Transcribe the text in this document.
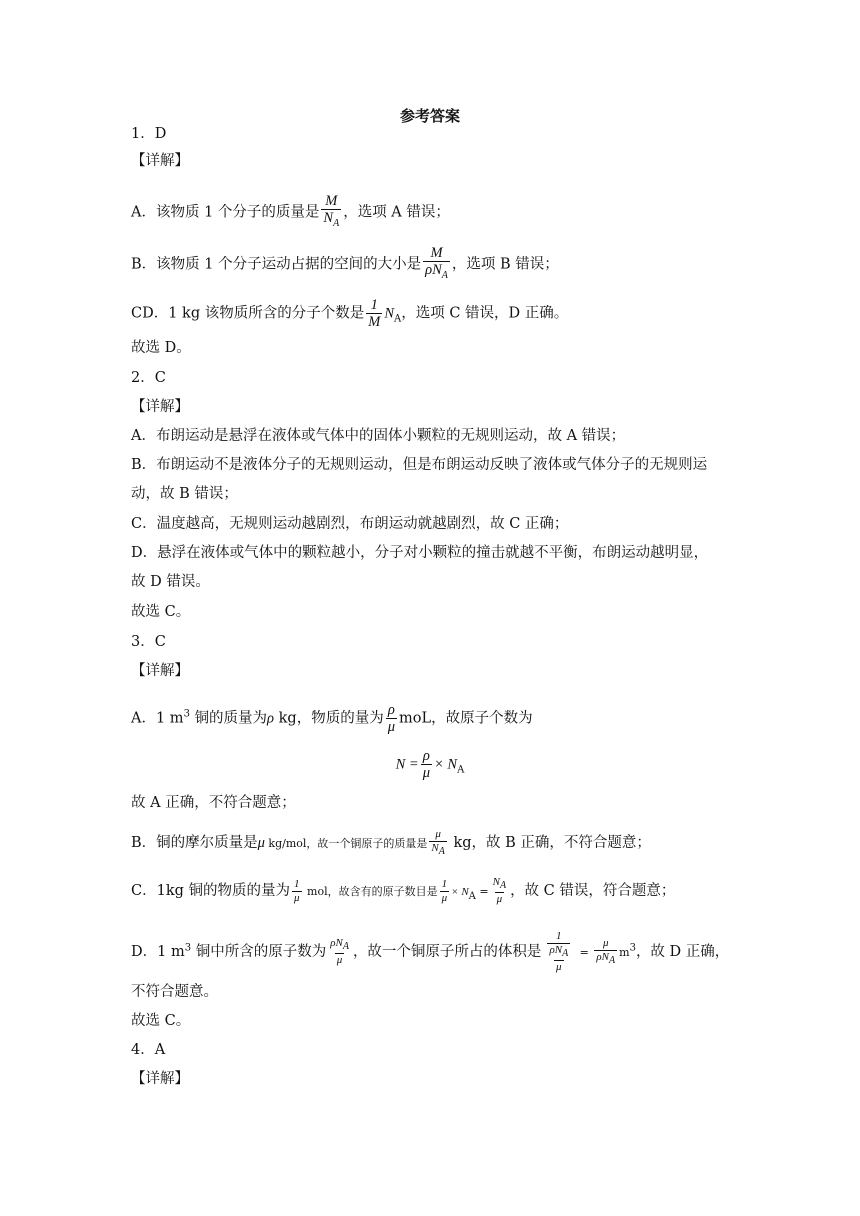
参考答案
1．D
【详解】
A．该物质 1 个分子的质量是 $\frac{M}{N_A}$ ，选项 A 错误；
B．该物质 1 个分子运动占据的空间的大小是 $\frac{M}{\rho N_A}$ ，选项 B 错误；
CD．1 kg 该物质所含的分子个数是 $\frac{1}{M} N_A$，选项 C 错误，D 正确。
故选 D。
2．C
【详解】
A．布朗运动是悬浮在液体或气体中的固体小颗粒的无规则运动，故 A 错误；
B．布朗运动不是液体分子的无规则运动，但是布朗运动反映了液体或气体分子的无规则运
动，故 B 错误；
C．温度越高，无规则运动越剧烈，布朗运动就越剧烈，故 C 正确；
D．悬浮在液体或气体中的颗粒越小，分子对小颗粒的撞击就越不平衡，布朗运动越明显，
故 D 错误。
故选 C。
3．C
【详解】
A．1 $m^3$ 铜的质量为ρ kg，物质的量为 $\frac{\rho}{\mu}$ moL，故原子个数为
$N = \frac{\rho}{\mu} \times N_A$
故 A 正确，不符合题意；
B．铜的摩尔质量是μ kg/mol，故一个铜原子的质量是 $\frac{\mu}{NA}$ kg，故 B 正确，不符合题意；
C．1kg 铜的物质的量为 $\frac{1}{\mu}$ mol，故含有的原子数目是 $\frac{1}{\mu} \times N_A = \frac{NA}{\mu}$ ，故 C 错误，符合题意；
D．1 $m^3$ 铜中所含的原子数为 $\frac{\text{ρNA}}{\mu}$ ，故一个铜原子所占的体积是 $\frac{\frac{1}{\text{ρNA}}}{\mu} = \frac{\mu}{\text{ρNA}} m^3$，故 D 正确，
不符合题意。
故选 C。
4．A
【详解】
